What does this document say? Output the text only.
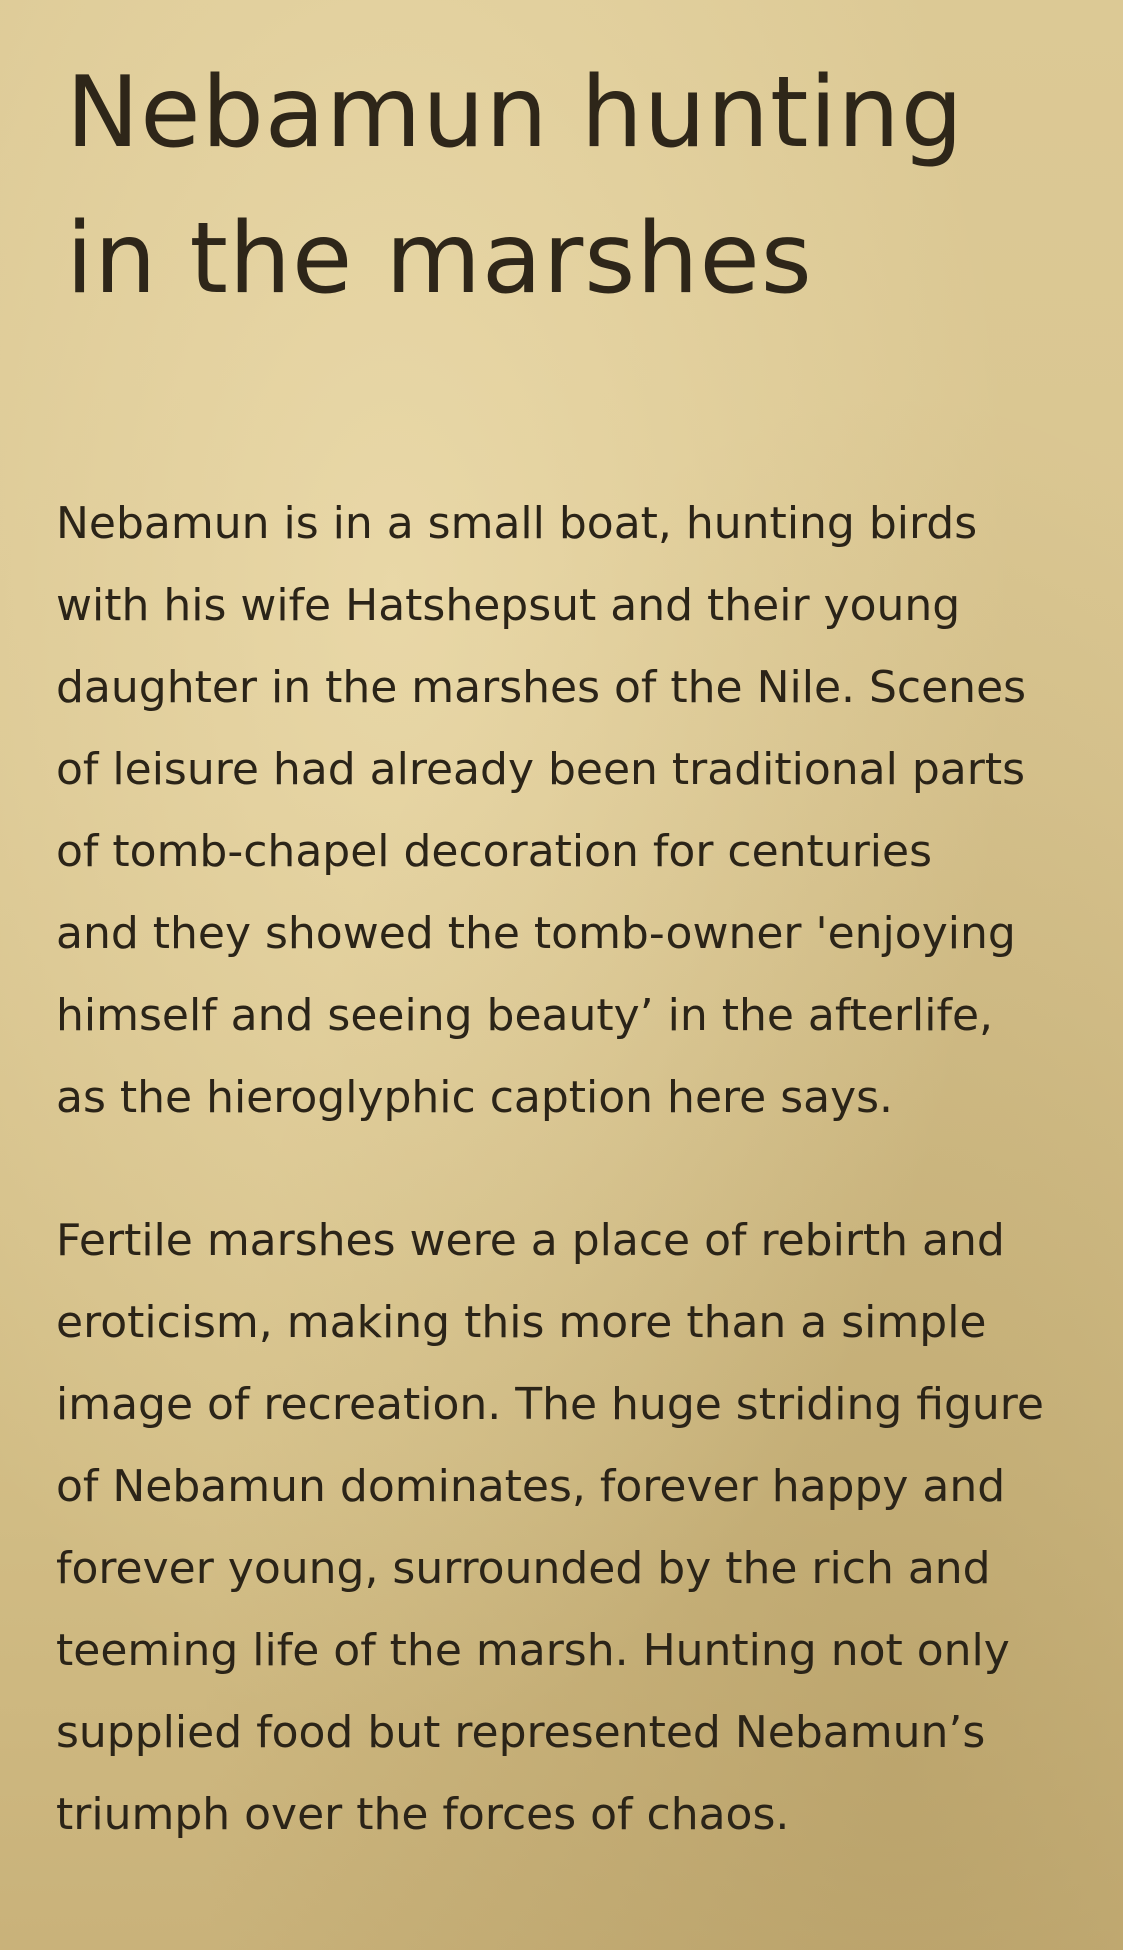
Nebamun hunting
in the marshes

Nebamun is in a small boat, hunting birds
with his wife Hatshepsut and their young
daughter in the marshes of the Nile. Scenes
of leisure had already been traditional parts
of tomb-chapel decoration for centuries
and they showed the tomb-owner 'enjoying
himself and seeing beauty’ in the afterlife,
as the hieroglyphic caption here says.

Fertile marshes were a place of rebirth and
eroticism, making this more than a simple
image of recreation. The huge striding figure
of Nebamun dominates, forever happy and
forever young, surrounded by the rich and
teeming life of the marsh. Hunting not only
supplied food but represented Nebamun’s
triumph over the forces of chaos.
